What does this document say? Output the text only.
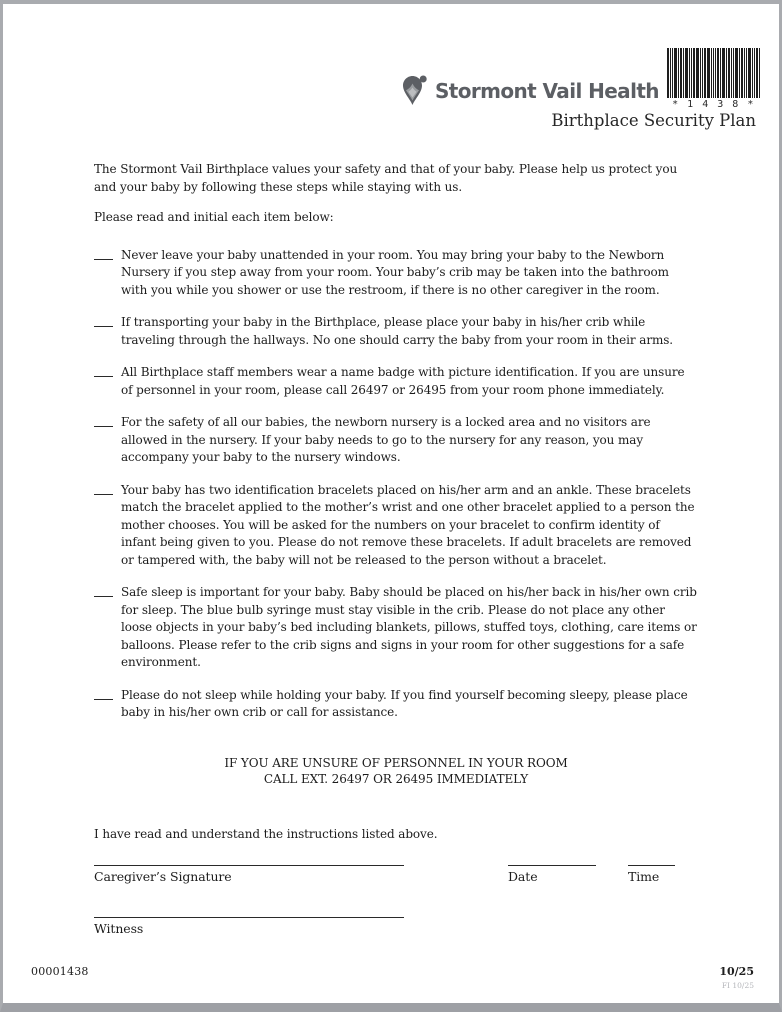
Stormont Vail Health
* 1 4 3 8 *
Birthplace Security Plan

The Stormont Vail Birthplace values your safety and that of your baby. Please help us protect you and your baby by following these steps while staying with us.

Please read and initial each item below:

Never leave your baby unattended in your room. You may bring your baby to the Newborn Nursery if you step away from your room. Your baby’s crib may be taken into the bathroom with you while you shower or use the restroom, if there is no other caregiver in the room.
If transporting your baby in the Birthplace, please place your baby in his/her crib while traveling through the hallways. No one should carry the baby from your room in their arms.
All Birthplace staff members wear a name badge with picture identification. If you are unsure of personnel in your room, please call 26497 or 26495 from your room phone immediately.
For the safety of all our babies, the newborn nursery is a locked area and no visitors are allowed in the nursery. If your baby needs to go to the nursery for any reason, you may accompany your baby to the nursery windows.
Your baby has two identification bracelets placed on his/her arm and an ankle. These bracelets match the bracelet applied to the mother’s wrist and one other bracelet applied to a person the mother chooses. You will be asked for the numbers on your bracelet to confirm identity of infant being given to you. Please do not remove these bracelets. If adult bracelets are removed or tampered with, the baby will not be released to the person without a bracelet.
Safe sleep is important for your baby. Baby should be placed on his/her back in his/her own crib for sleep. The blue bulb syringe must stay visible in the crib. Please do not place any other loose objects in your baby’s bed including blankets, pillows, stuffed toys, clothing, care items or balloons. Please refer to the crib signs and signs in your room for other suggestions for a safe environment.
Please do not sleep while holding your baby. If you find yourself becoming sleepy, please place baby in his/her own crib or call for assistance.
IF YOU ARE UNSURE OF PERSONNEL IN YOUR ROOM
CALL EXT. 26497 OR 26495 IMMEDIATELY

I have read and understand the instructions listed above.

Caregiver’s Signature	Date	Time
Witness
00001438	10/25
FI 10/25
